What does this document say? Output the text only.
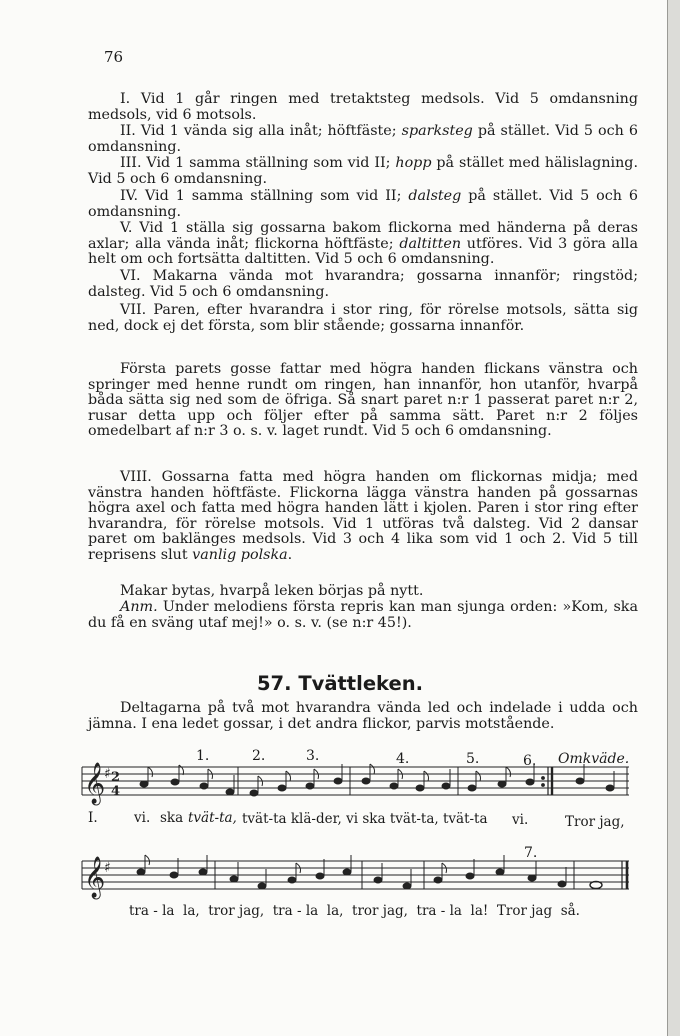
76

I. Vid 1 går ringen med tretaktsteg medsols. Vid 5 omdansning medsols, vid 6 motsols.

II. Vid 1 vända sig alla inåt; höftfäste; sparksteg på stället. Vid 5 och 6 omdansning.

III. Vid 1 samma ställning som vid II; hopp på stället med hälislagning. Vid 5 och 6 omdansning.

IV. Vid 1 samma ställning som vid II; dalsteg på stället. Vid 5 och 6 omdansning.

V. Vid 1 ställa sig gossarna bakom flickorna med händerna på deras axlar; alla vända inåt; flickorna höftfäste; daltitten utföres. Vid 3 göra alla helt om och fortsätta daltitten. Vid 5 och 6 omdansning.

VI. Makarna vända mot hvarandra; gossarna innanför; ringstöd; dalsteg. Vid 5 och 6 omdansning.

VII. Paren, efter hvarandra i stor ring, för rörelse motsols, sätta sig ned, dock ej det första, som blir stående; gossarna innanför.

Första parets gosse fattar med högra handen flickans vänstra och springer med henne rundt om ringen, han innanför, hon utanför, hvarpå båda sätta sig ned som de öfriga. Så snart paret n:r 1 passerat paret n:r 2, rusar detta upp och följer efter på samma sätt. Paret n:r 2 följes omedelbart af n:r 3 o. s. v. laget rundt. Vid 5 och 6 omdansning.

VIII. Gossarna fatta med högra handen om flickornas midja; med vänstra handen höftfäste. Flickorna lägga vänstra handen på gossarnas högra axel och fatta med högra handen lätt i kjolen. Paren i stor ring efter hvarandra, för rörelse motsols. Vid 1 utföras två dalsteg. Vid 2 dansar paret om baklänges medsols. Vid 3 och 4 lika som vid 1 och 2. Vid 5 till reprisens slut vanlig polska.

Makar bytas, hvarpå leken börjas på nytt.

Anm. Under melodiens första repris kan man sjunga orden: »Kom, ska du få en sväng utaf mej!» o. s. v. (se n:r 45!).

57. Tvättleken.

Deltagarna på två mot hvarandra vända led och indelade i udda och jämna. I ena ledet gossar, i det andra flickor, parvis motstående.

𝄞
♯ 2
4
𝄞
♯
1.	2.	3.	4.	5.	6. Omkväde.
7.
I.	vi. ska tvät-ta, tvät-ta klä-der, vi ska tvät-ta, tvät-ta vi.	Tror jag,
tra - la  la,  tror jag,  tra - la  la,  tror jag,  tra - la  la!  Tror jag  så.
